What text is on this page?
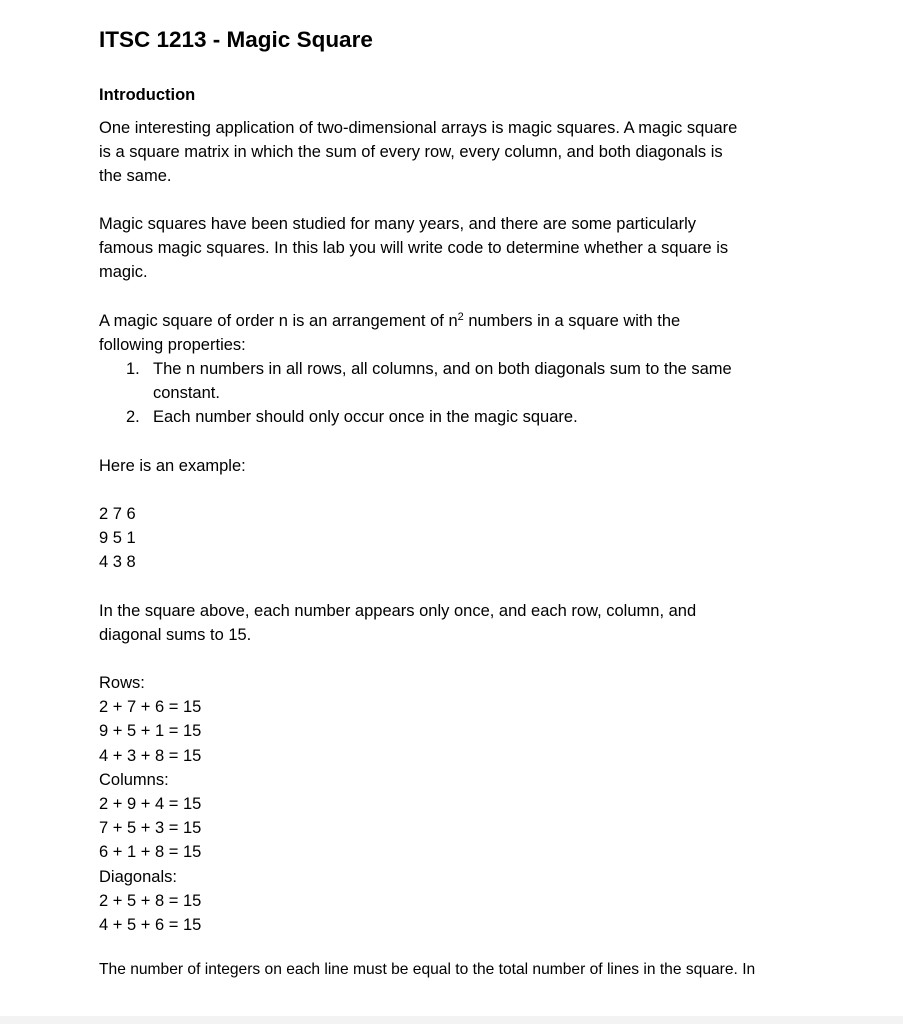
ITSC 1213 - Magic Square
Introduction

One interesting application of two-dimensional arrays is magic squares. A magic square
is a square matrix in which the sum of every row, every column, and both diagonals is
the same.

Magic squares have been studied for many years, and there are some particularly
famous magic squares. In this lab you will write code to determine whether a square is
magic.

A magic square of order n is an arrangement of $n^2$ numbers in a square with the
following properties:

1. The n numbers in all rows, all columns, and on both diagonals sum to the same
constant.
2. Each number should only occur once in the magic square.

Here is an example:

2 7 6
9 5 1
4 3 8

In the square above, each number appears only once, and each row, column, and
diagonal sums to 15.

Rows:
2 + 7 + 6 = 15
9 + 5 + 1 = 15
4 + 3 + 8 = 15
Columns:
2 + 9 + 4 = 15
7 + 5 + 3 = 15
6 + 1 + 8 = 15
Diagonals:
2 + 5 + 8 = 15
4 + 5 + 6 = 15

The number of integers on each line must be equal to the total number of lines in the square. In
